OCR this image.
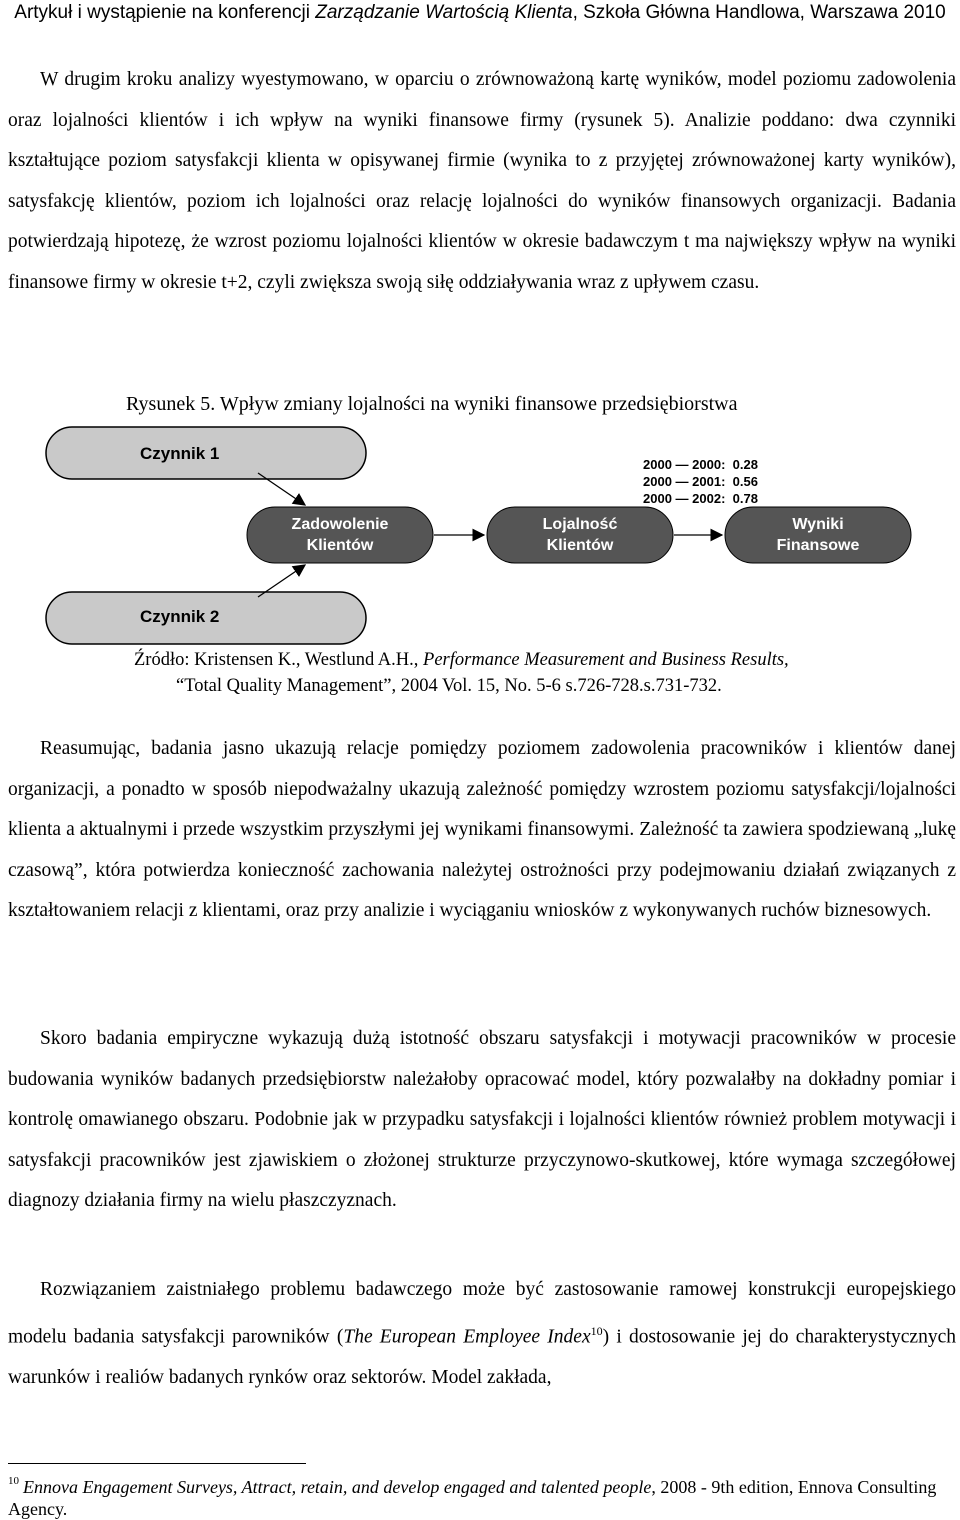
Artykuł i wystąpienie na konferencji Zarządzanie Wartością Klienta, Szkoła Główna Handlowa, Warszawa 2010

W drugim kroku analizy wyestymowano, w oparciu o zrównoważoną kartę wyników, model poziomu zadowolenia oraz lojalności klientów i ich wpływ na wyniki finansowe firmy (rysunek 5). Analizie poddano: dwa czynniki kształtujące poziom satysfakcji klienta w opisywanej firmie (wynika to z przyjętej zrównoważonej karty wyników), satysfakcję klientów, poziom ich lojalności oraz relację lojalności do wyników finansowych organizacji. Badania potwierdzają hipotezę, że wzrost poziomu lojalności klientów w okresie badawczym t ma największy wpływ na wyniki finansowe firmy w okresie t+2, czyli zwiększa swoją siłę oddziaływania wraz z upływem czasu.

Rysunek 5. Wpływ zmiany lojalności na wyniki finansowe przedsiębiorstwa
Czynnik 1
Czynnik 2
Zadowolenie
Klientów
Lojalność
Klientów
Wyniki
Finansowe
2000 — 2000:  0.28
2000 — 2001:  0.56
2000 — 2002:  0.78
Źródło: Kristensen K., Westlund A.H., Performance Measurement and Business Results,
“Total Quality Management”, 2004 Vol. 15, No. 5-6 s.726-728.s.731-732.

Reasumując, badania jasno ukazują relacje pomiędzy poziomem zadowolenia pracowników i klientów danej organizacji, a ponadto w sposób niepodważalny ukazują zależność pomiędzy wzrostem poziomu satysfakcji/lojalności klienta a aktualnymi i przede wszystkim przyszłymi jej wynikami finansowymi. Zależność ta zawiera spodziewaną „lukę czasową”, która potwierdza konieczność zachowania należytej ostrożności przy podejmowaniu działań związanych z kształtowaniem relacji z klientami, oraz przy analizie i wyciąganiu wniosków z wykonywanych ruchów biznesowych.

Skoro badania empiryczne wykazują dużą istotność obszaru satysfakcji i motywacji pracowników w procesie budowania wyników badanych przedsiębiorstw należałoby opracować model, który pozwalałby na dokładny pomiar i kontrolę omawianego obszaru. Podobnie jak w przypadku satysfakcji i lojalności klientów również problem motywacji i satysfakcji pracowników jest zjawiskiem o złożonej strukturze przyczynowo-skutkowej, które wymaga szczegółowej diagnozy działania firmy na wielu płaszczyznach.

Rozwiązaniem zaistniałego problemu badawczego może być zastosowanie ramowej konstrukcji europejskiego modelu badania satysfakcji parowników (The European Employee Index$^{10}$) i dostosowanie jej do charakterystycznych warunków i realiów badanych rynków oraz sektorów. Model zakłada,

$^{10}$ Ennova Engagement Surveys, Attract, retain, and develop engaged and talented people, 2008 - 9th edition, Ennova Consulting Agency.
